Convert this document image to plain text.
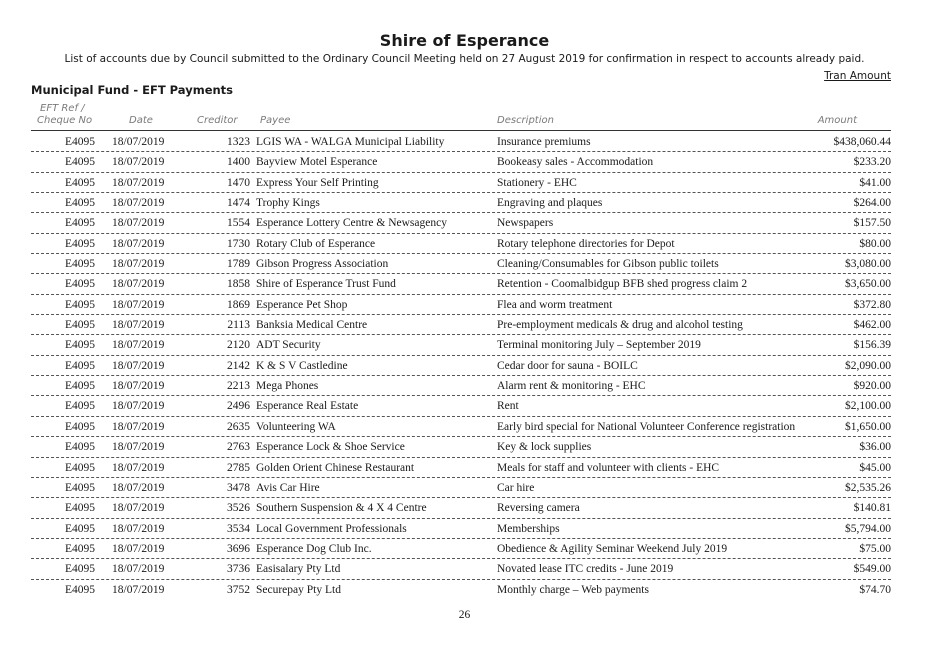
Shire of Esperance
List of accounts due by Council submitted to the Ordinary Council Meeting held on 27 August 2019 for confirmation in respect to accounts already paid.
Tran Amount
Municipal Fund - EFT Payments
EFT Ref /
Cheque No	Date	Creditor Payee	Description	Amount
E4095 18/07/2019	1323 LGIS WA - WALGA Municipal Liability	Insurance premiums	$438,060.44
E4095 18/07/2019	1400 Bayview Motel Esperance	Bookeasy sales - Accommodation	$233.20
E4095 18/07/2019	1470 Express Your Self Printing	Stationery - EHC	$41.00
E4095 18/07/2019	1474 Trophy Kings	Engraving and plaques	$264.00
E4095 18/07/2019	1554 Esperance Lottery Centre & Newsagency	Newspapers	$157.50
E4095 18/07/2019	1730 Rotary Club of Esperance	Rotary telephone directories for Depot	$80.00
E4095 18/07/2019	1789 Gibson Progress Association	Cleaning/Consumables for Gibson public toilets	$3,080.00
E4095 18/07/2019	1858 Shire of Esperance Trust Fund	Retention - Coomalbidgup BFB shed progress claim 2	$3,650.00
E4095 18/07/2019	1869 Esperance Pet Shop	Flea and worm treatment	$372.80
E4095 18/07/2019	2113 Banksia Medical Centre	Pre-employment medicals & drug and alcohol testing	$462.00
E4095 18/07/2019	2120 ADT Security	Terminal monitoring July – September 2019	$156.39
E4095 18/07/2019	2142 K & S V Castledine	Cedar door for sauna - BOILC	$2,090.00
E4095 18/07/2019	2213 Mega Phones	Alarm rent & monitoring - EHC	$920.00
E4095 18/07/2019	2496 Esperance Real Estate	Rent	$2,100.00
E4095 18/07/2019	2635 Volunteering WA	Early bird special for National Volunteer Conference registration	$1,650.00
E4095 18/07/2019	2763 Esperance Lock & Shoe Service	Key & lock supplies	$36.00
E4095 18/07/2019	2785 Golden Orient Chinese Restaurant	Meals for staff and volunteer with clients - EHC	$45.00
E4095 18/07/2019	3478 Avis Car Hire	Car hire	$2,535.26
E4095 18/07/2019	3526 Southern Suspension & 4 X 4 Centre	Reversing camera	$140.81
E4095 18/07/2019	3534 Local Government Professionals	Memberships	$5,794.00
E4095 18/07/2019	3696 Esperance Dog Club Inc.	Obedience & Agility Seminar Weekend July 2019	$75.00
E4095 18/07/2019	3736 Easisalary Pty Ltd	Novated lease ITC credits - June 2019	$549.00
E4095 18/07/2019	3752 Securepay Pty Ltd	Monthly charge – Web payments	$74.70
26
